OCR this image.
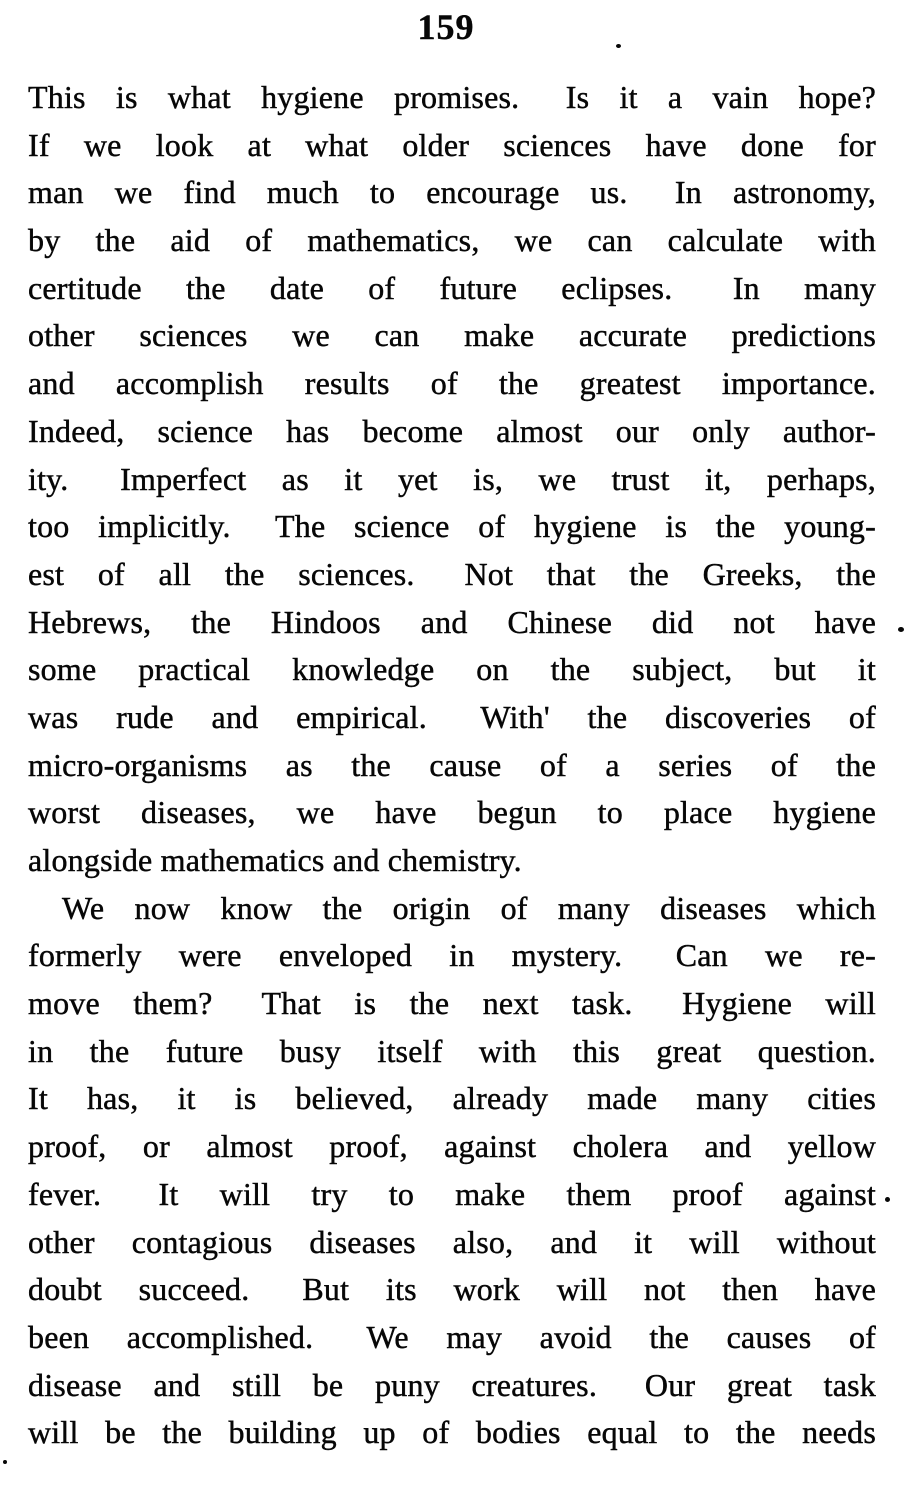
159
This is what hygiene promises.  Is it a vain hope?
If we look at what older sciences have done for
man we find much to encourage us.  In astronomy,
by the aid of mathematics, we can calculate with
certitude the date of future eclipses.  In many
other sciences we can make accurate predictions
and accomplish results of the greatest importance.
Indeed, science has become almost our only author-
ity.  Imperfect as it yet is, we trust it, perhaps,
too implicitly.  The science of hygiene is the young-
est of all the sciences.  Not that the Greeks, the
Hebrews, the Hindoos and Chinese did not have
some practical knowledge on the subject, but it
was rude and empirical.  With' the discoveries of
micro-organisms as the cause of a series of the
worst diseases, we have begun to place hygiene
alongside mathematics and chemistry.
We now know the origin of many diseases which
formerly were enveloped in mystery.  Can we re-
move them?  That is the next task.  Hygiene will
in the future busy itself with this great question.
It has, it is believed, already made many cities
proof, or almost proof, against cholera and yellow
fever.  It will try to make them proof against
other contagious diseases also, and it will without
doubt succeed.  But its work will not then have
been accomplished.  We may avoid the causes of
disease and still be puny creatures.  Our great task
will be the building up of bodies equal to the needs
